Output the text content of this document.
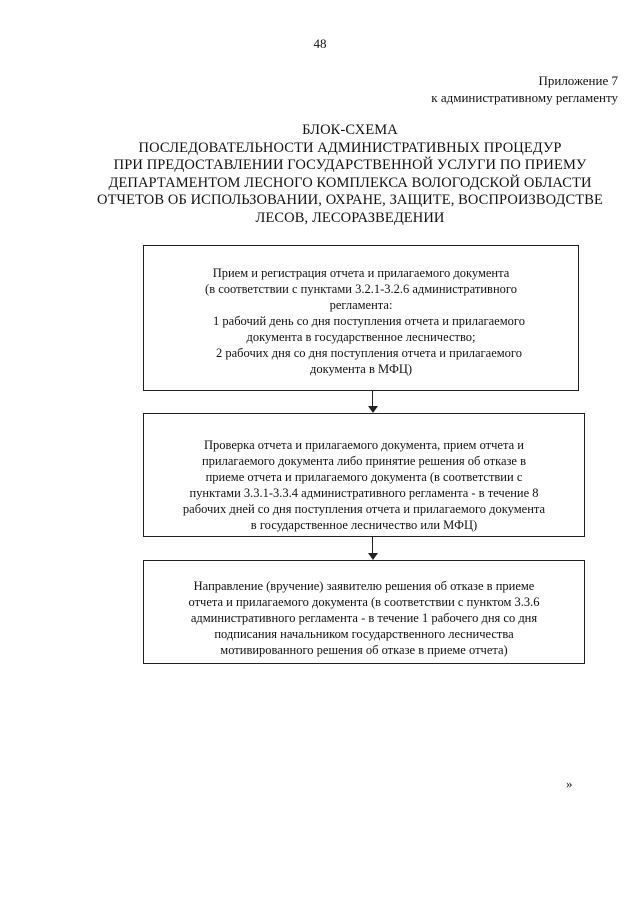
48
Приложение 7
к административному регламенту
БЛОК-СХЕМА
ПОСЛЕДОВАТЕЛЬНОСТИ АДМИНИСТРАТИВНЫХ ПРОЦЕДУР
ПРИ ПРЕДОСТАВЛЕНИИ ГОСУДАРСТВЕННОЙ УСЛУГИ ПО ПРИЕМУ
ДЕПАРТАМЕНТОМ ЛЕСНОГО КОМПЛЕКСА ВОЛОГОДСКОЙ ОБЛАСТИ
ОТЧЕТОВ ОБ ИСПОЛЬЗОВАНИИ, ОХРАНЕ, ЗАЩИТЕ, ВОСПРОИЗВОДСТВЕ
ЛЕСОВ, ЛЕСОРАЗВЕДЕНИИ
Прием и регистрация отчета и прилагаемого документа
(в соответствии с пунктами 3.2.1-3.2.6 административного
регламента:
1 рабочий день со дня поступления отчета и прилагаемого
документа в государственное лесничество;
2 рабочих дня со дня поступления отчета и прилагаемого
документа в МФЦ)
Проверка отчета и прилагаемого документа, прием отчета и
прилагаемого документа либо принятие решения об отказе в
приеме отчета и прилагаемого документа (в соответствии с
пунктами 3.3.1-3.3.4 административного регламента - в течение 8
рабочих дней со дня поступления отчета и прилагаемого документа
в государственное лесничество или МФЦ)
Направление (вручение) заявителю решения об отказе в приеме
отчета и прилагаемого документа (в соответствии с пунктом 3.3.6
административного регламента - в течение 1 рабочего дня со дня
подписания начальником государственного лесничества
мотивированного решения об отказе в приеме отчета)
»
